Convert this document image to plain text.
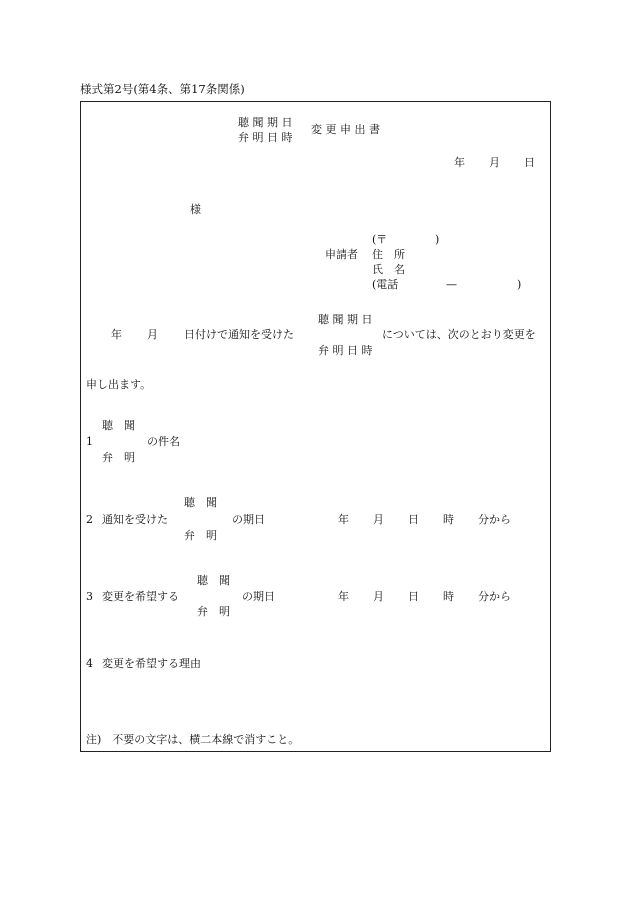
様式第2号(第4条、第17条関係)
聴 聞 期 日
弁 明 日 時
変 更 申 出 書
年 月 日
様
(〒	)
申請者 住　所
氏　名
(電話	—	)
聴 聞 期 日
年 月 日付けで通知を受けた	については、次のとおり変更を
弁 明 日 時
申し出ます。
聴　聞
1	の件名
弁　明
聴　聞
2 通知を受けた	の期日	年 月 日 時 分から
弁　明
聴　聞
3 変更を希望する	の期日	年 月 日 時 分から
弁　明
4 変更を希望する理由
注)　不要の文字は、横二本線で消すこと。
